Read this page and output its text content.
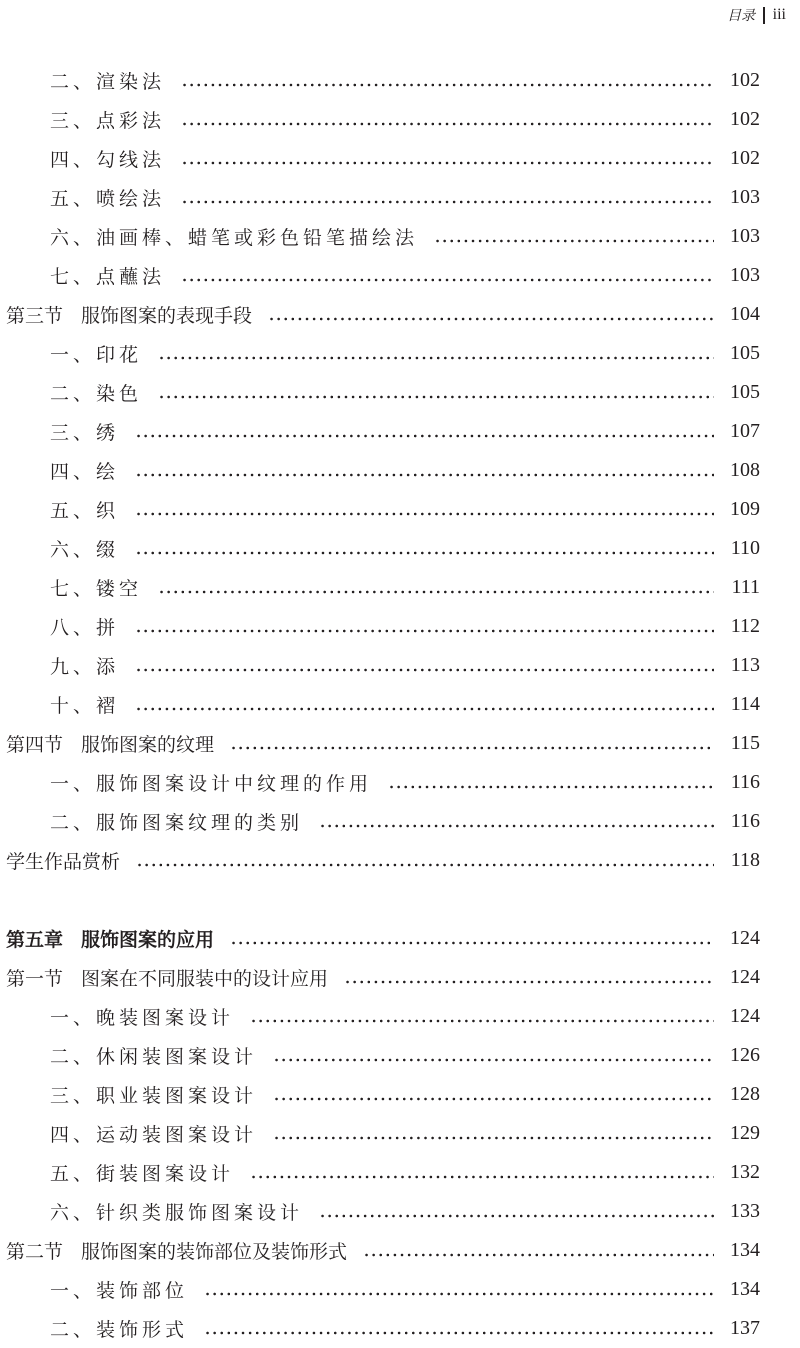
目录 iii
二、渲染法	102
三、点彩法	102
四、勾线法	102
五、喷绘法	103
六、油画棒、蜡笔或彩色铅笔描绘法	103
七、点蘸法	103
第三节 服饰图案的表现手段	104
一、印花	105
二、染色	105
三、绣	107
四、绘	108
五、织	109
六、缀	110
七、镂空	111
八、拼	112
九、添	113
十、褶	114
第四节 服饰图案的纹理	115
一、服饰图案设计中纹理的作用	116
二、服饰图案纹理的类别	116
学生作品赏析	118
第五章 服饰图案的应用	124
第一节 图案在不同服装中的设计应用	124
一、晚装图案设计	124
二、休闲装图案设计	126
三、职业装图案设计	128
四、运动装图案设计	129
五、街装图案设计	132
六、针织类服饰图案设计	133
第二节 服饰图案的装饰部位及装饰形式	134
一、装饰部位	134
二、装饰形式	137
